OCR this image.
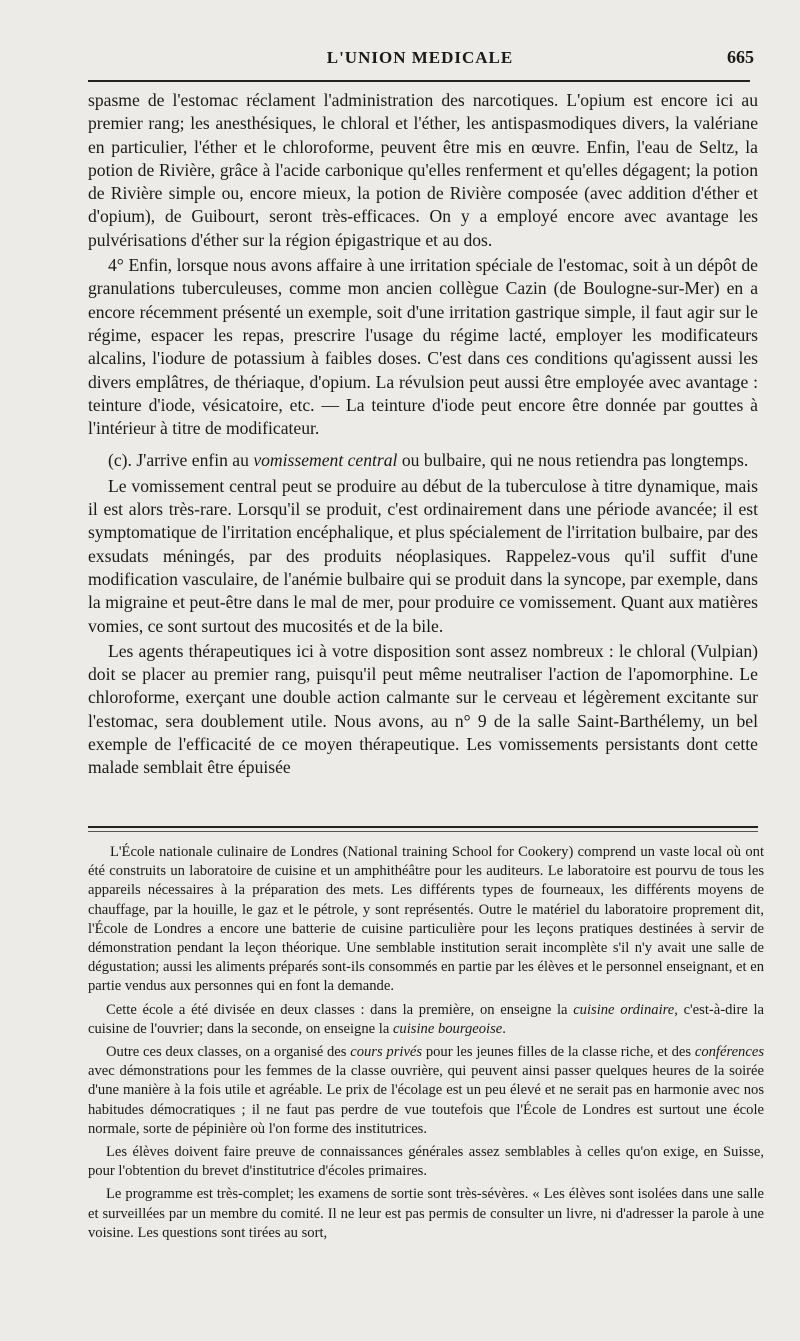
L'UNION MEDICALE	665

spasme de l'estomac réclament l'administration des narcotiques. L'opium est encore ici au premier rang; les anesthésiques, le chloral et l'éther, les antispasmodiques divers, la valériane en particulier, l'éther et le chloroforme, peuvent être mis en œuvre. Enfin, l'eau de Seltz, la potion de Rivière, grâce à l'acide carbonique qu'elles renferment et qu'elles dégagent; la potion de Rivière simple ou, encore mieux, la potion de Rivière composée (avec addition d'éther et d'opium), de Guibourt, seront très-efficaces. On y a employé encore avec avantage les pulvérisations d'éther sur la région épigastrique et au dos.

4° Enfin, lorsque nous avons affaire à une irritation spéciale de l'estomac, soit à un dépôt de granulations tuberculeuses, comme mon ancien collègue Cazin (de Boulogne-sur-Mer) en a encore récemment présenté un exemple, soit d'une irritation gastrique simple, il faut agir sur le régime, espacer les repas, prescrire l'usage du régime lacté, employer les modificateurs alcalins, l'iodure de potassium à faibles doses. C'est dans ces conditions qu'agissent aussi les divers emplâtres, de thériaque, d'opium. La révulsion peut aussi être employée avec avantage : teinture d'iode, vésicatoire, etc. — La teinture d'iode peut encore être donnée par gouttes à l'intérieur à titre de modificateur.

(c). J'arrive enfin au vomissement central ou bulbaire, qui ne nous retiendra pas longtemps.

Le vomissement central peut se produire au début de la tuberculose à titre dynamique, mais il est alors très-rare. Lorsqu'il se produit, c'est ordinairement dans une période avancée; il est symptomatique de l'irritation encéphalique, et plus spécialement de l'irritation bulbaire, par des exsudats méningés, par des produits néoplasiques. Rappelez-vous qu'il suffit d'une modification vasculaire, de l'anémie bulbaire qui se produit dans la syncope, par exemple, dans la migraine et peut-être dans le mal de mer, pour produire ce vomissement. Quant aux matières vomies, ce sont surtout des mucosités et de la bile.

Les agents thérapeutiques ici à votre disposition sont assez nombreux : le chloral (Vulpian) doit se placer au premier rang, puisqu'il peut même neutraliser l'action de l'apomorphine. Le chloroforme, exerçant une double action calmante sur le cerveau et légèrement excitante sur l'estomac, sera doublement utile. Nous avons, au n° 9 de la salle Saint-Barthélemy, un bel exemple de l'efficacité de ce moyen thérapeutique. Les vomissements persistants dont cette malade semblait être épuisée

L'École nationale culinaire de Londres (National training School for Cookery) comprend un vaste local où ont été construits un laboratoire de cuisine et un amphithéâtre pour les auditeurs. Le laboratoire est pourvu de tous les appareils nécessaires à la préparation des mets. Les différents types de fourneaux, les différents moyens de chauffage, par la houille, le gaz et le pétrole, y sont représentés. Outre le matériel du laboratoire proprement dit, l'École de Londres a encore une batterie de cuisine particulière pour les leçons pratiques destinées à servir de démonstration pendant la leçon théorique. Une semblable institution serait incomplète s'il n'y avait une salle de dégustation; aussi les aliments préparés sont-ils consommés en partie par les élèves et le personnel enseignant, et en partie vendus aux personnes qui en font la demande.

Cette école a été divisée en deux classes : dans la première, on enseigne la cuisine ordinaire, c'est-à-dire la cuisine de l'ouvrier; dans la seconde, on enseigne la cuisine bourgeoise.

Outre ces deux classes, on a organisé des cours privés pour les jeunes filles de la classe riche, et des conférences avec démonstrations pour les femmes de la classe ouvrière, qui peuvent ainsi passer quelques heures de la soirée d'une manière à la fois utile et agréable. Le prix de l'écolage est un peu élevé et ne serait pas en harmonie avec nos habitudes démocratiques ; il ne faut pas perdre de vue toutefois que l'École de Londres est surtout une école normale, sorte de pépinière où l'on forme des institutrices.

Les élèves doivent faire preuve de connaissances générales assez semblables à celles qu'on exige, en Suisse, pour l'obtention du brevet d'institutrice d'écoles primaires.

Le programme est très-complet; les examens de sortie sont très-sévères. « Les élèves sont isolées dans une salle et surveillées par un membre du comité. Il ne leur est pas permis de consulter un livre, ni d'adresser la parole à une voisine. Les questions sont tirées au sort,
